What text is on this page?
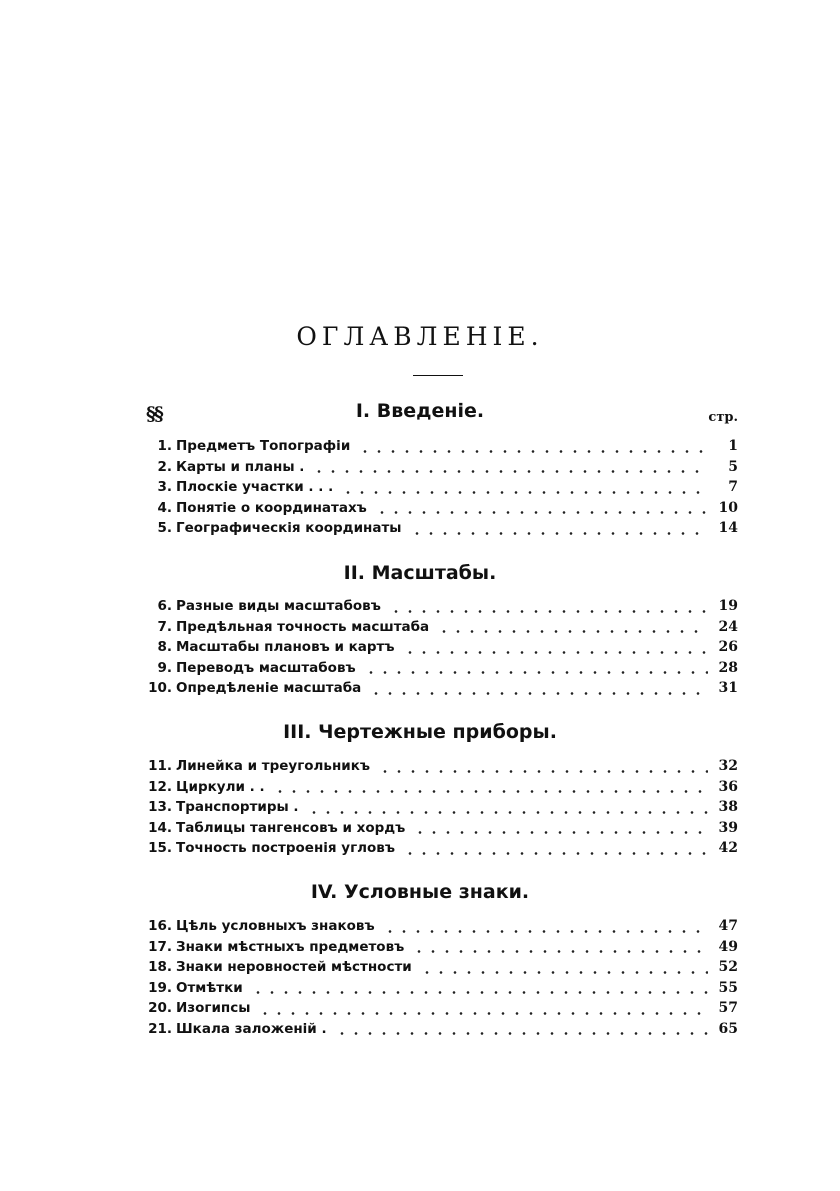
ОГЛАВЛЕНІЕ.
§§	стр.
I. Введеніе.
1. Предметъ Топографіи	1
2. Карты и планы .	5
3. Плоскіе участки . . .	7
4. Понятіе о координатахъ	10
5. Географическія координаты	14
II. Масштабы.
6. Разные виды масштабовъ	19
7. Предѣльная точность масштаба	24
8. Масштабы плановъ и картъ	26
9. Переводъ масштабовъ	28
10. Опредѣленіе масштаба	31
III. Чертежные приборы.
11. Линейка и треугольникъ	32
12. Циркули . .	36
13. Транспортиры .	38
14. Таблицы тангенсовъ и хордъ	39
15. Точность построенія угловъ	42
IV. Условные знаки.
16. Цѣль условныхъ знаковъ	47
17. Знаки мѣстныхъ предметовъ	49
18. Знаки неровностей мѣстности	52
19. Отмѣтки	55
20. Изогипсы	57
21. Шкала заложеній .	65
